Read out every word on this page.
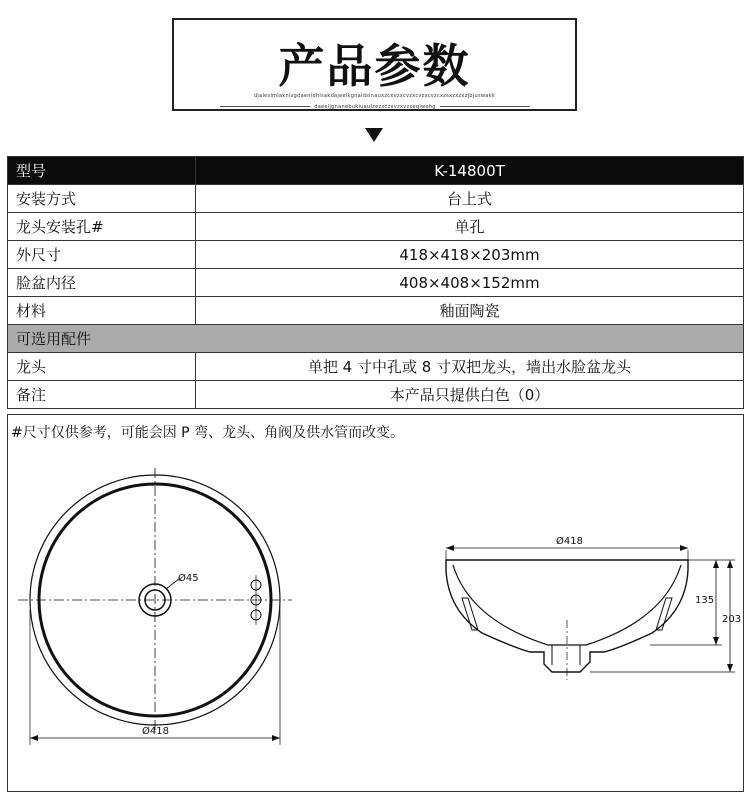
产品参数
djalesimlaknlsgdaenidhlsakdajeelkgnaldsinauxzcxvzxcvzxcvzxcvzcxzsxzxzxzjbjuswakk
daeeljgnanebukiuaulzezxczxvzxvzxeqiwehg
型号	K-14800T
安装方式	台上式
龙头安装孔#	单孔
外尺寸	418×418×203mm
脸盆内径	408×408×152mm
材料	釉面陶瓷
可选用配件	
龙头	单把 4 寸中孔或 8 寸双把龙头，墙出水脸盆龙头
备注	本产品只提供白色（0）
#尺寸仅供参考，可能会因 P 弯、龙头、角阀及供水管而改变。
Ø45
Ø418
Ø418
135
203
